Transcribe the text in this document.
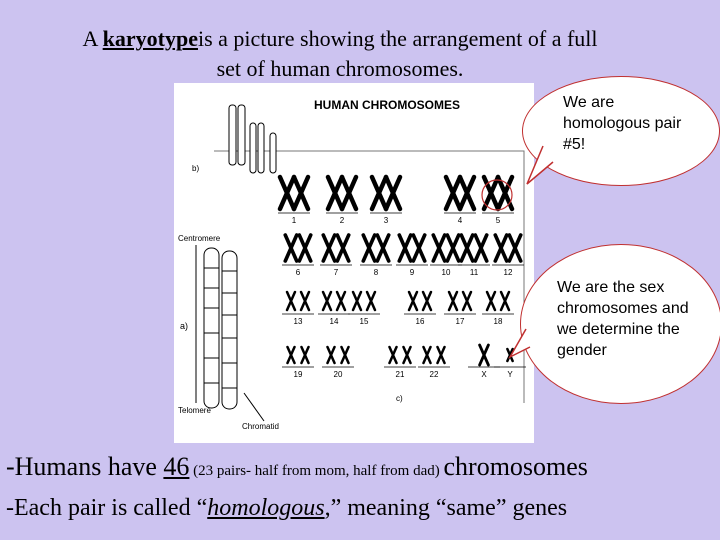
A karyotypeis a picture showing the arrangement of a full
set of human chromosomes.
HUMAN CHROMOSOMES
b)
Centromere
a)
Telomere
Chromatid
c)
1	2	3	4	5
6	7	8	9	10 11	12
13	14	15	16	17	18
19	20	21	22	X	Y
We are homologous pair #5!
We are the sex chromosomes and we determine the gender
-Humans have 46 (23 pairs- half from mom, half from dad) chromosomes
-Each pair is called “homologous,” meaning “same” genes
